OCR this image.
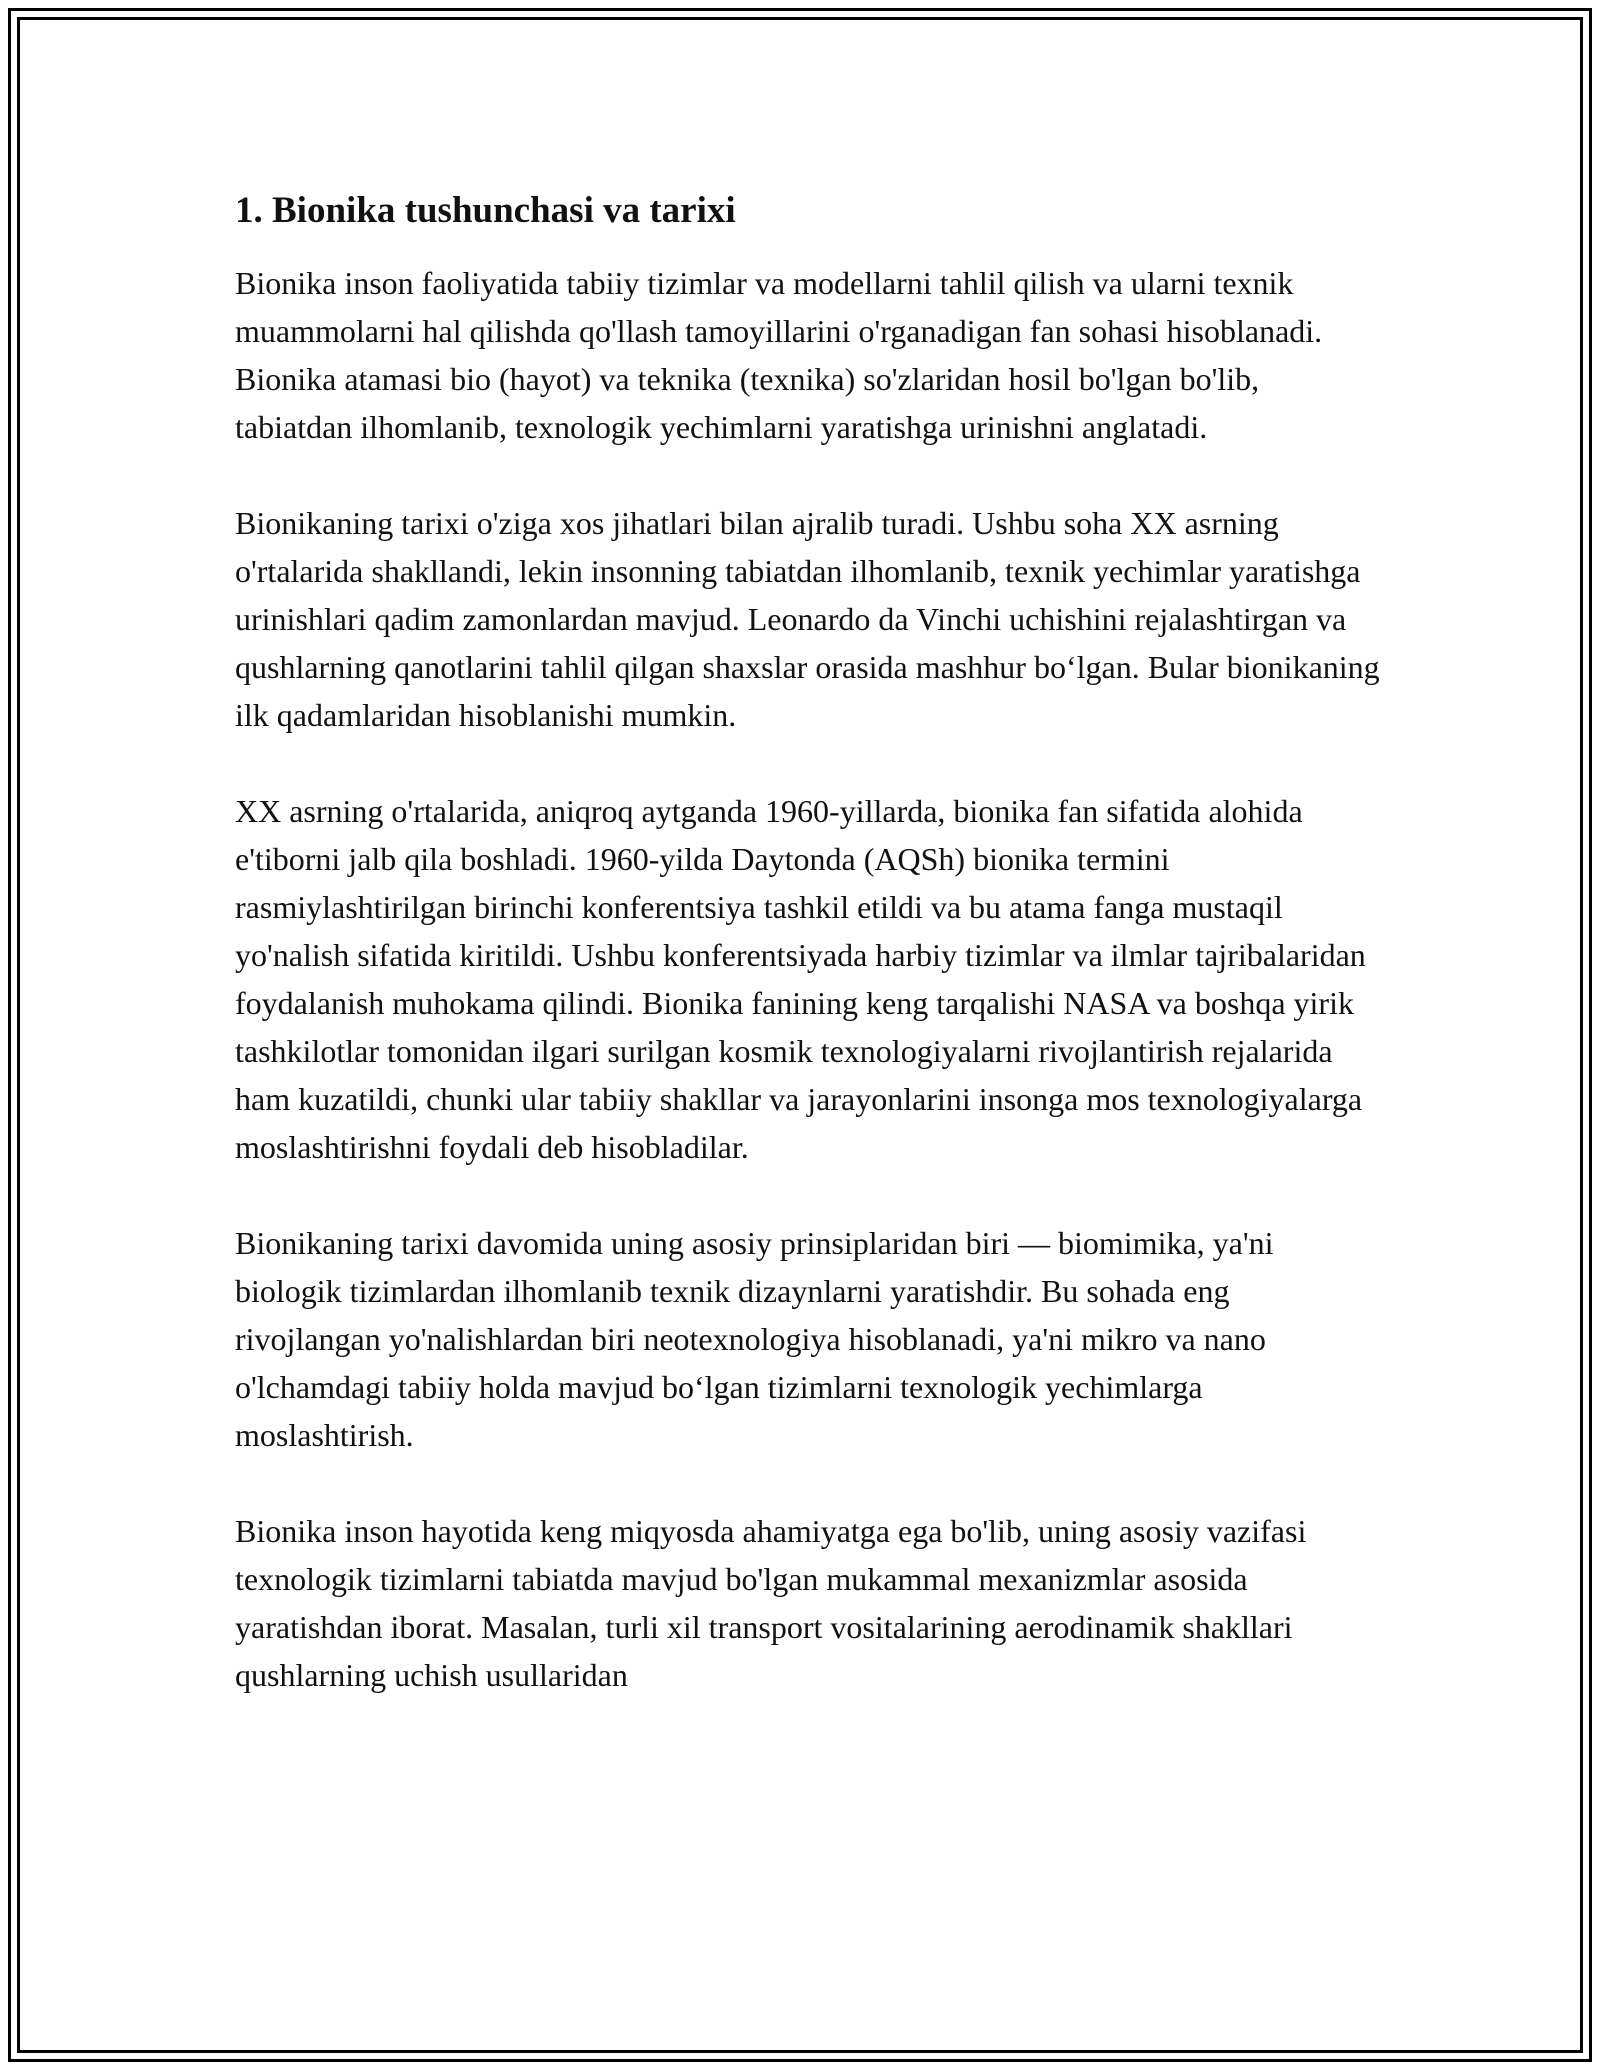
1. Bionika tushunchasi va tarixi

Bionika inson faoliyatida tabiiy tizimlar va modellarni tahlil qilish va ularni texnik muammolarni hal qilishda qo'llash tamoyillarini o'rganadigan fan sohasi hisoblanadi. Bionika atamasi bio (hayot) va teknika (texnika) so'zlaridan hosil bo'lgan bo'lib, tabiatdan ilhomlanib, texnologik yechimlarni yaratishga urinishni anglatadi.

Bionikaning tarixi o'ziga xos jihatlari bilan ajralib turadi. Ushbu soha XX asrning o'rtalarida shakllandi, lekin insonning tabiatdan ilhomlanib, texnik yechimlar yaratishga urinishlari qadim zamonlardan mavjud. Leonardo da Vinchi uchishini rejalashtirgan va qushlarning qanotlarini tahlil qilgan shaxslar orasida mashhur bo‘lgan. Bular bionikaning ilk qadamlaridan hisoblanishi mumkin.

XX asrning o'rtalarida, aniqroq aytganda 1960-yillarda, bionika fan sifatida alohida e'tiborni jalb qila boshladi. 1960-yilda Daytonda (AQSh) bionika termini rasmiylashtirilgan birinchi konferentsiya tashkil etildi va bu atama fanga mustaqil yo'nalish sifatida kiritildi. Ushbu konferentsiyada harbiy tizimlar va ilmlar tajribalaridan foydalanish muhokama qilindi. Bionika fanining keng tarqalishi NASA va boshqa yirik tashkilotlar tomonidan ilgari surilgan kosmik texnologiyalarni rivojlantirish rejalarida ham kuzatildi, chunki ular tabiiy shakllar va jarayonlarini insonga mos texnologiyalarga moslashtirishni foydali deb hisobladilar.

Bionikaning tarixi davomida uning asosiy prinsiplaridan biri — biomimika, ya'ni biologik tizimlardan ilhomlanib texnik dizaynlarni yaratishdir. Bu sohada eng rivojlangan yo'nalishlardan biri neotexnologiya hisoblanadi, ya'ni mikro va nano o'lchamdagi tabiiy holda mavjud bo‘lgan tizimlarni texnologik yechimlarga moslashtirish.

Bionika inson hayotida keng miqyosda ahamiyatga ega bo'lib, uning asosiy vazifasi texnologik tizimlarni tabiatda mavjud bo'lgan mukammal mexanizmlar asosida yaratishdan iborat. Masalan, turli xil transport vositalarining aerodinamik shakllari qushlarning uchish usullaridan
